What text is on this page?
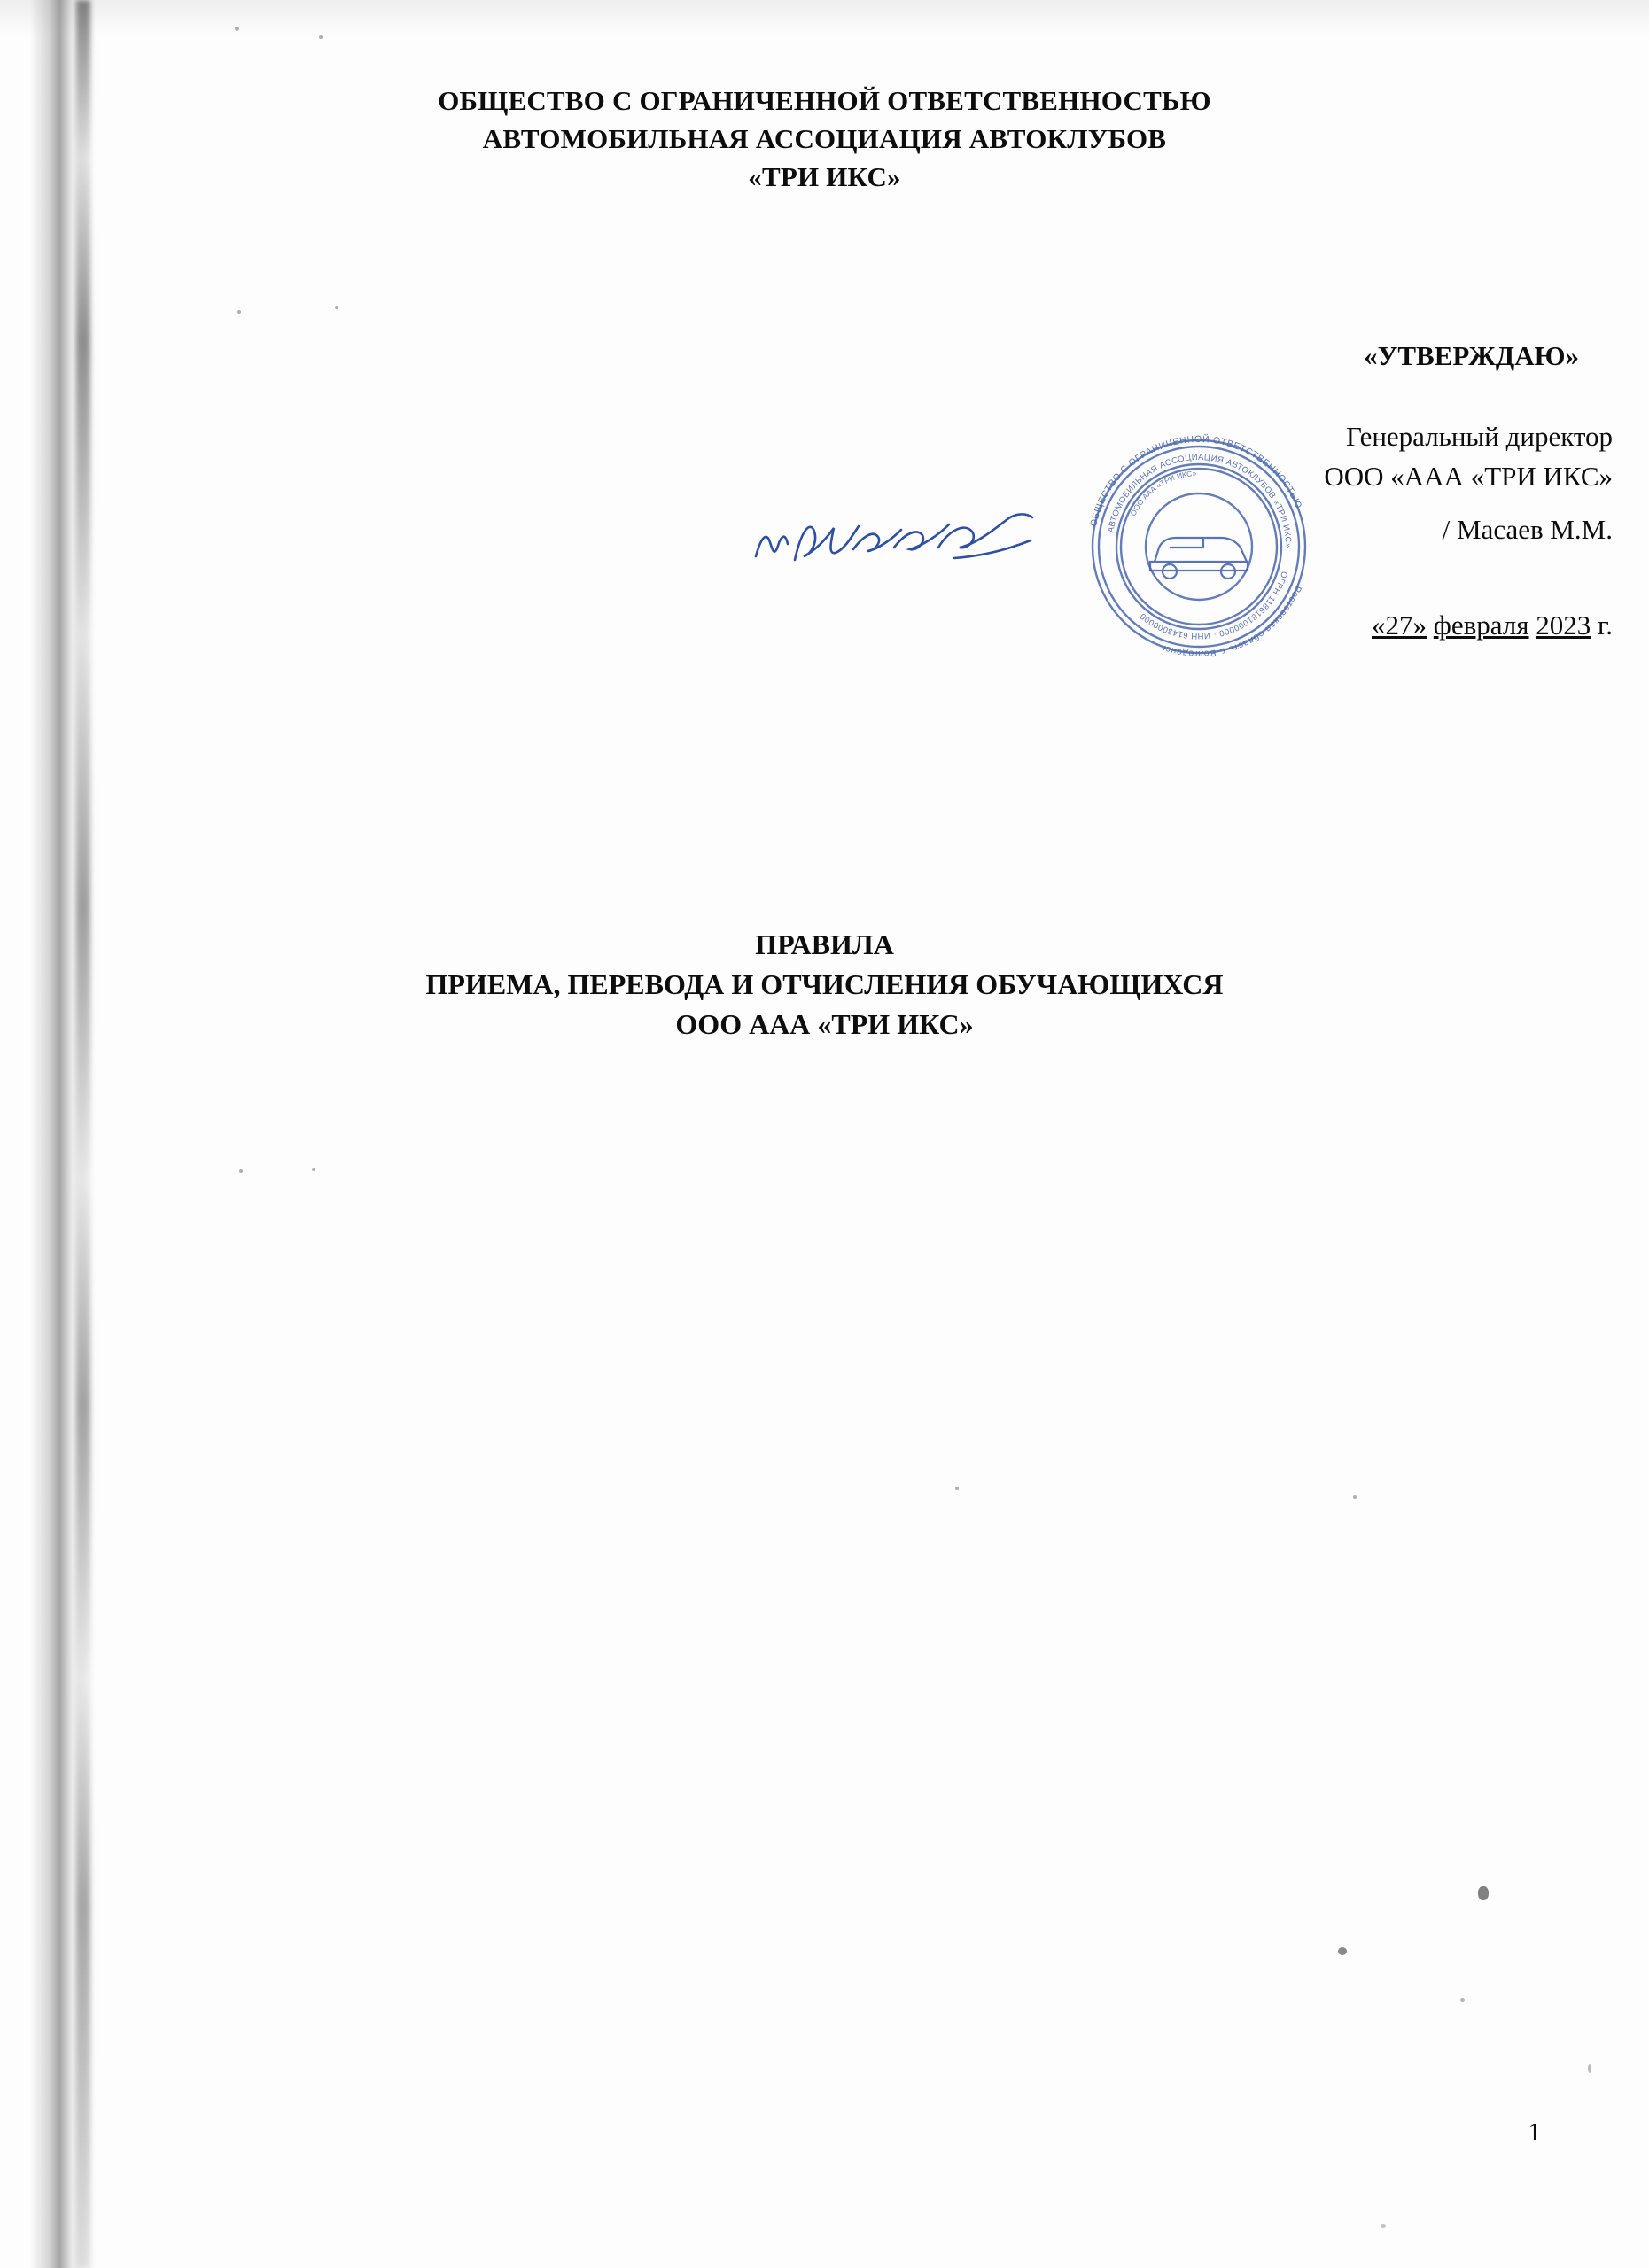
ОБЩЕСТВО С ОГРАНИЧЕННОЙ ОТВЕТСТВЕННОСТЬЮ
АВТОМОБИЛЬНАЯ АССОЦИАЦИЯ АВТОКЛУБОВ
«ТРИ ИКС»
«УТВЕРЖДАЮ»
Генеральный директор
ООО «ААА «ТРИ ИКС»
/ Масаев М.М.
«27» февраля 2023 г.
ОБЩЕСТВО С ОГРАНИЧЕННОЙ ОТВЕТСТВЕННОСТЬЮ
Ростовская область г. Волгодонск
АВТОМОБИЛЬНАЯ АССОЦИАЦИЯ АВТОКЛУБОВ «ТРИ ИКС»
ОГРН 1186181000000 · ИНН 6143000000
ООО ААА «ТРИ ИКС»
ПРАВИЛА
ПРИЕМА, ПЕРЕВОДА И ОТЧИСЛЕНИЯ ОБУЧАЮЩИХСЯ
ООО ААА «ТРИ ИКС»
1
